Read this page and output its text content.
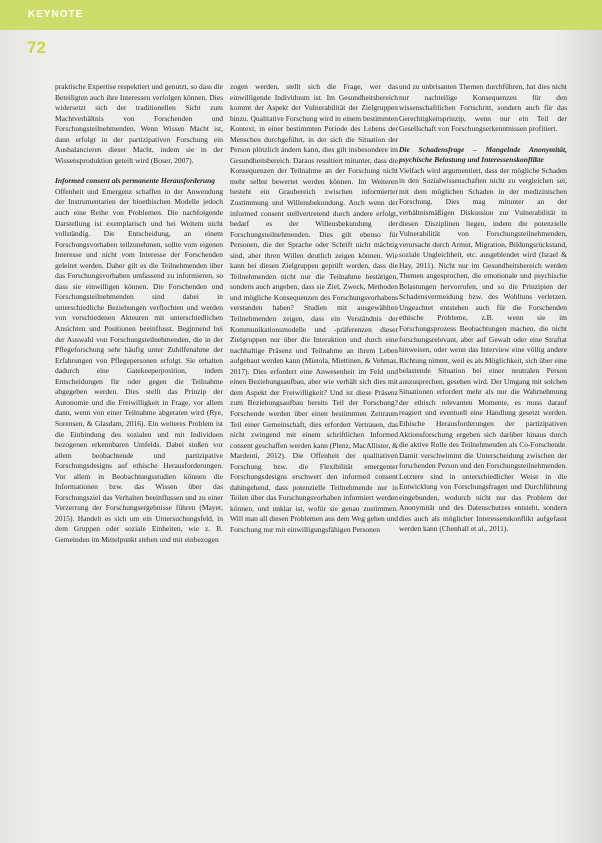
KEYNOTE
72

praktische Expertise respektiert und genutzt, so dass die Beteiligten auch ihre Interessen verfolgen können. Dies widersetzt sich der traditionellen Sicht zum Machtverhältnis von Forschenden und Forschungsteilnehmenden. Wenn Wissen Macht ist, dann erfolgt in der partizipativen Forschung ein Ausbalancieren dieser Macht, indem sie in der Wissensproduktion geteilt wird (Boser, 2007).

Informed consent als permanente Herausforderung

Offenheit und Emergenz schaffen in der Anwendung der Instrumentarien der bioethischen Modelle jedoch auch eine Reihe von Problemen. Die nachfolgende Darstellung ist exemplarisch und bei Weitem nicht vollständig. Die Entscheidung, an einem Forschungsvorhaben teilzunehmen, sollte vom eigenen Interesse und nicht vom Interesse der Forschenden geleitet werden. Daher gilt es die Teilnehmenden über das Forschungsvorhaben umfassend zu informieren, so dass sie einwilligen können. Die Forschenden und Forschungsteilnehmenden sind dabei in unterschiedliche Beziehungen verflochten und werden von verschiedenen Akteuren mit unterschiedlichen Ansichten und Positionen beeinflusst. Beginnend bei der Auswahl von Forschungsteilnehmenden, die in der Pflegeforschung sehr häufig unter Zuhilfenahme der Erfahrungen von Pflegepersonen erfolgt. Sie erhalten dadurch eine Gatekeeperposition, indem Entscheidungen für oder gegen die Teilnahme abgegeben werden. Dies stellt das Prinzip der Autonomie und die Freiwilligkeit in Frage, vor allem dann, wenn von einer Teilnahme abgeraten wird (Rye, Sorensen, & Glasdam, 2016). Ein weiteres Problem ist die Einbindung des sozialen und mit Individuen bezogenen erkennbaren Umfelds. Dabei stoßen vor allem beobachtende und partizipative Forschungsdesigns auf ethische Herausforderungen. Vor allem in Beobachtungsstudien können die Informationen bzw. das Wissen über das Forschungsziel das Verhalten beeinflussen und zu einer Verzerrung der Forschungsergebnisse führen (Mayer, 2015). Handelt es sich um ein Untersuchungsfeld, in dem Gruppen oder soziale Einheiten, wie z. B. Gemeinden im Mittelpunkt stehen und mit einbezogen

zogen werden, stellt sich die Frage, wer das einwilligende Individuum ist. Im Gesundheitsbereich kommt der Aspekt der Vulnerabilität der Zielgruppen hinzu. Qualitative Forschung wird in einem bestimmten Kontext, in einer bestimmten Periode des Lebens der Menschen durchgeführt, in der sich die Situation der Person plötzlich ändern kann, dies gilt insbesondere im Gesundheitsbereich. Daraus resultiert mitunter, dass die Konsequenzen der Teilnahme an der Forschung nicht mehr selbst bewertet werden können. Im Weiteren besteht ein Graubereich zwischen informierter Zustimmung und Willensbekundung. Auch wenn der informed consent stellvertretend durch andere erfolgt, bedarf es der Willensbekundung der Forschungsteilnehmenden. Dies gilt ebenso für Personen, die der Sprache oder Schrift nicht mächtig sind, aber ihren Willen deutlich zeigen können. Wie kann bei diesen Zielgruppen geprüft werden, dass die Teilnehmenden nicht nur die Teilnahme bestätigen, sondern auch angeben, dass sie Ziel, Zweck, Methoden und mögliche Konsequenzen des Forschungsvorhabens verstanden haben? Studien mit ausgewählten Teilnehmenden zeigen, dass ein Verständnis der Kommunikationsmodelle und -präferenzen dieser Zielgruppen nur über die Interaktion und durch eine nachhaltige Präsenz und Teilnahme an ihrem Leben aufgebaut werden kann (Mietola, Miettinen, & Vehmas, 2017). Dies erfordert eine Anwesenheit im Feld und einen Beziehungsaufbau, aber wie verhält sich dies mit dem Aspekt der Freiwilligkeit? Und ist diese Präsenz zum Beziehungsaufbau bereits Teil der Forschung? Forschende werden über einen bestimmten Zeitraum Teil einer Gemeinschaft, dies erfordert Vertrauen, das nicht zwingend mit einem schriftlichen Informed consent geschaffen werden kann (Plenz, MacAllister, & Mardenti, 2012). Die Offenheit der qualitativen Forschung bzw. die Flexibilität emergenter Forschungsdesigns erschwert den informed consent dahingehend, dass potenzielle Teilnehmende nur in Teilen über das Forschungsvorhaben informiert werden können, und unklar ist, wofür sie genau zustimmen. Will man all diesen Problemen aus dem Weg gehen und Forschung nur mit einwilligungsfähigen Personen

und zu unbrisanten Themen durchführen, hat dies nicht nur nachteilige Konsequenzen für den wissenschaftlichen Fortschritt, sondern auch für das Gerechtigkeitsprinzip, wenn nur ein Teil der Gesellschaft von Forschungserkenntnissen profitiert.

Die Schadensfrage – Mangelnde Anonymität, psychische Belastung und Interessenskonflikte

Vielfach wird argumentiert, dass der mögliche Schaden in den Sozialwissenschaften nicht zu vergleichen sei, mit dem möglichen Schaden in der medizinischen Forschung. Dies mag mitunter an der verhältnismäßigen Diskussion zur Vulnerabilität in diesen Disziplinen liegen, indem die potenzielle Vulnerabilität von Forschungsteilnehmenden, verursacht durch Armut, Migration, Bildungsrückstand, soziale Ungleichheit, etc. ausgeblendet wird (Israel & Hay, 2011). Nicht nur im Gesundheitsbereich werden Themen angesprochen, die emotionale und psychische Belastungen hervorrufen, und so die Prinzipien der Schadensvermeidung bzw. des Wohltuns verletzen. Ungeachtet entstehen auch für die Forschenden ethische Probleme, z.B. wenn sie im Forschungsprozess Beobachtungen machen, die nicht forschungsrelevant, aber auf Gewalt oder eine Straftat hinweisen, oder wenn das Interview eine völlig andere Richtung nimmt, weil es als Möglichkeit, sich über eine belastende Situation bei einer neutralen Person auszusprechen, gesehen wird. Der Umgang mit solchen Situationen erfordert mehr als nur die Wahrnehmung der ethisch relevanten Momente, es muss darauf reagiert und eventuell eine Handlung gesetzt werden. Ethische Herausforderungen der partizipativen Aktionsforschung ergeben sich darüber hinaus durch die aktive Rolle des Teilnehmenden als Co-Forschende. Damit verschwimmt die Unterscheidung zwischen der forschenden Person und den Forschungsteilnehmenden. Letztere sind in unterschiedlicher Weise in die Entwicklung von Forschungsfragen und Durchführung eingebunden, wodurch nicht nur das Problem der Anonymität und des Datenschutzes entsteht, sondern dies auch als möglicher Interessenskonflikt aufgefasst werden kann (Chenhall et al., 2011).
